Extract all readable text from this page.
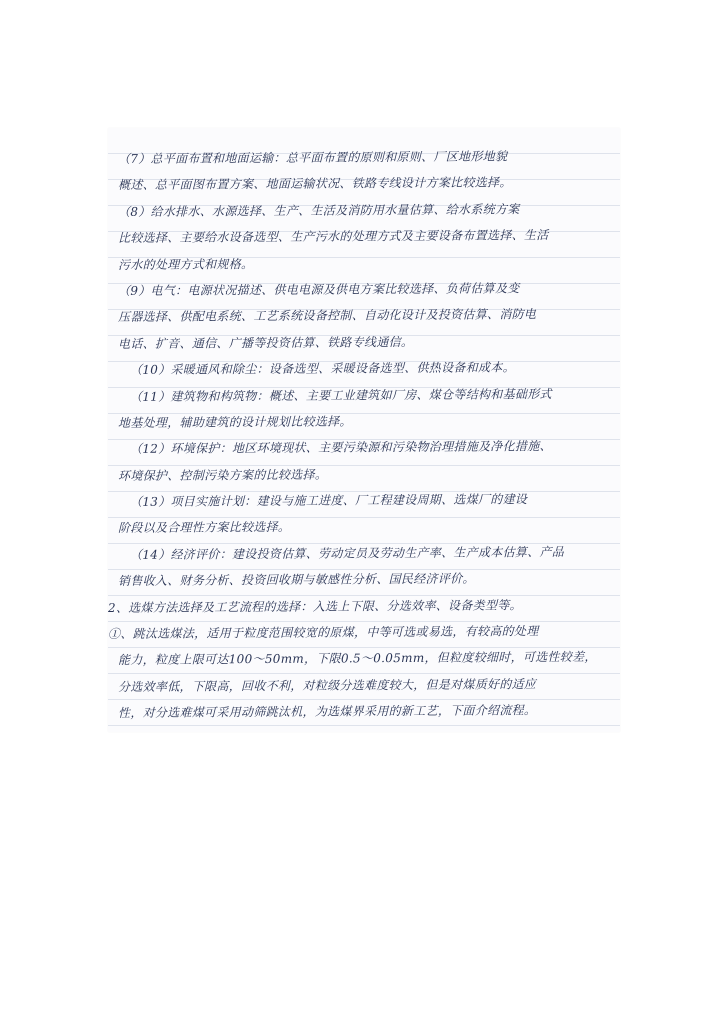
（7）总平面布置和地面运输：总平面布置的原则和原则、厂区地形地貌
概述、总平面图布置方案、地面运输状况、铁路专线设计方案比较选择。
（8）给水排水、水源选择、生产、生活及消防用水量估算、给水系统方案
比较选择、主要给水设备选型、生产污水的处理方式及主要设备布置选择、生活
污水的处理方式和规格。
（9）电气：电源状况描述、供电电源及供电方案比较选择、负荷估算及变
压器选择、供配电系统、工艺系统设备控制、自动化设计及投资估算、消防电
电话、扩音、通信、广播等投资估算、铁路专线通信。
（10）采暖通风和除尘：设备选型、采暖设备选型、供热设备和成本。
（11）建筑物和构筑物：概述、主要工业建筑如厂房、煤仓等结构和基础形式
地基处理，辅助建筑的设计规划比较选择。
（12）环境保护：地区环境现状、主要污染源和污染物治理措施及净化措施、
环境保护、控制污染方案的比较选择。
（13）项目实施计划：建设与施工进度、厂工程建设周期、选煤厂的建设
阶段以及合理性方案比较选择。
（14）经济评价：建设投资估算、劳动定员及劳动生产率、生产成本估算、产品
销售收入、财务分析、投资回收期与敏感性分析、国民经济评价。
2、选煤方法选择及工艺流程的选择：入选上下限、分选效率、设备类型等。
①、跳汰选煤法，适用于粒度范围较宽的原煤，中等可选或易选，有较高的处理
能力，粒度上限可达100～50mm，下限0.5～0.05mm，但粒度较细时，可选性较差，
分选效率低，下限高，回收不利，对粒级分选难度较大，但是对煤质好的适应
性，对分选难煤可采用动筛跳汰机，为选煤界采用的新工艺，下面介绍流程。
